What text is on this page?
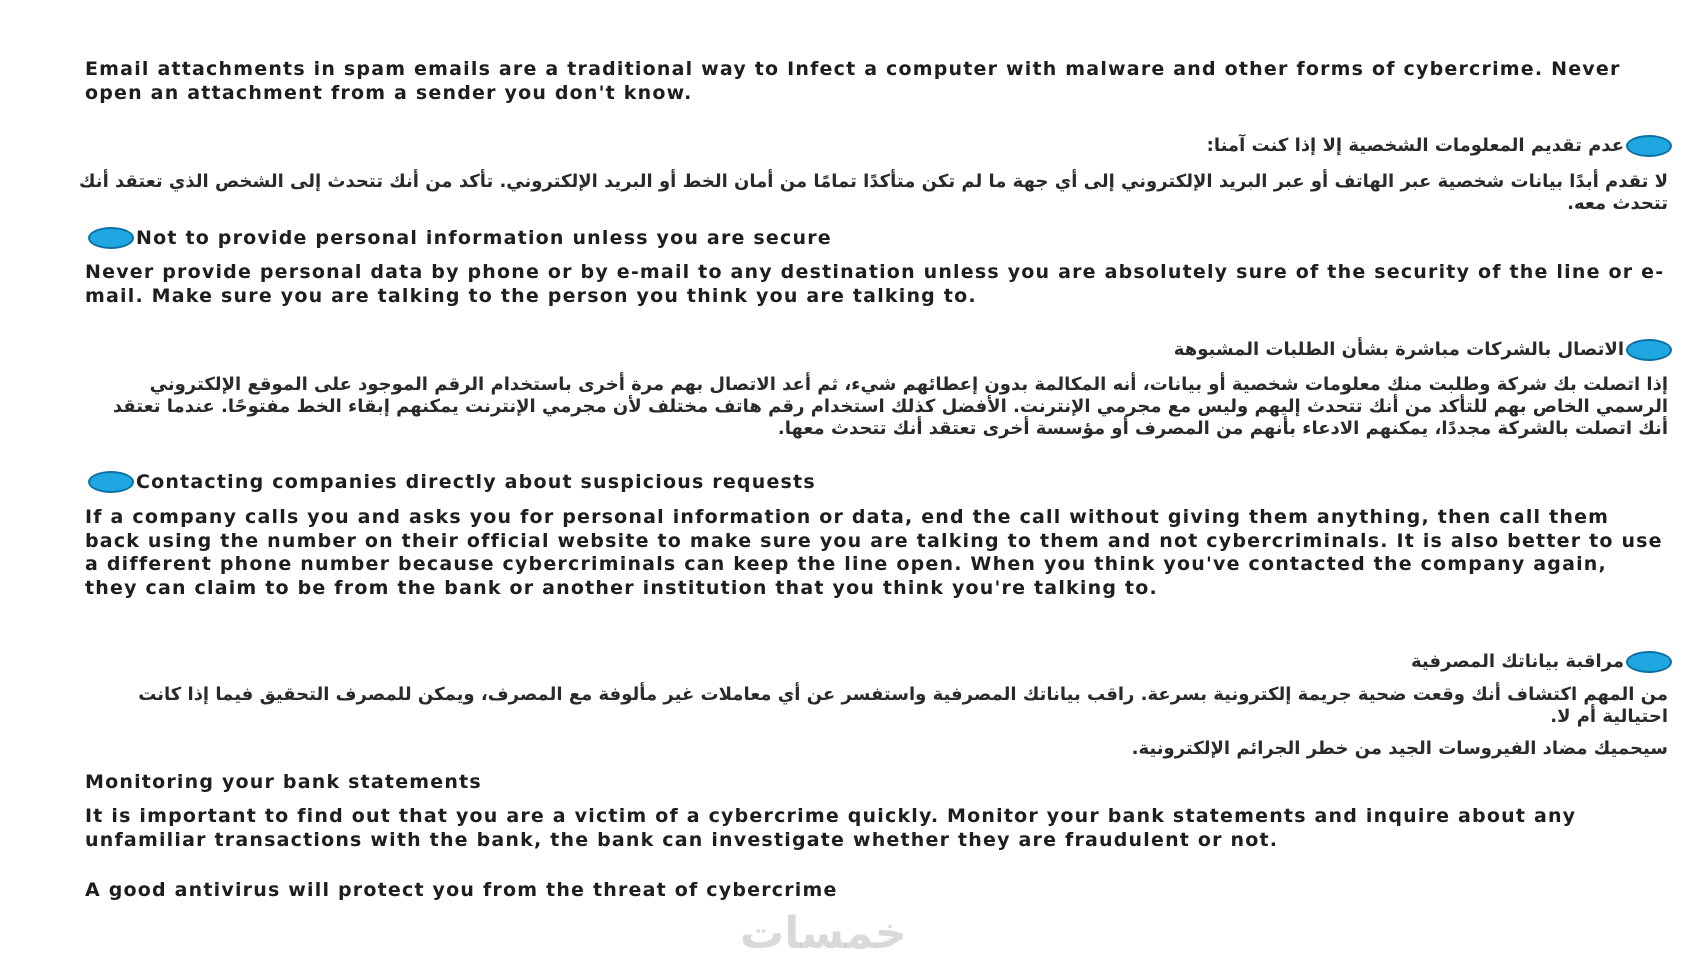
Email attachments in spam emails are a traditional way to Infect a computer with malware and other forms of cybercrime. Never open an attachment from a sender you don't know.
عدم تقديم المعلومات الشخصية إلا إذا كنت آمنا:
لا تقدم أبدًا بيانات شخصية عبر الهاتف أو عبر البريد الإلكتروني إلى أي جهة ما لم تكن متأكدًا تمامًا من أمان الخط أو البريد الإلكتروني. تأكد من أنك تتحدث إلى الشخص الذي تعتقد أنك تتحدث معه.
Not to provide personal information unless you are secure
Never provide personal data by phone or by e-mail to any destination unless you are absolutely sure of the security of the line or e-mail. Make sure you are talking to the person you think you are talking to.
الاتصال بالشركات مباشرة بشأن الطلبات المشبوهة
إذا اتصلت بك شركة وطلبت منك معلومات شخصية أو بيانات، أنه المكالمة بدون إعطائهم شيء، ثم أعد الاتصال بهم مرة أخرى باستخدام الرقم الموجود على الموقع الإلكتروني الرسمي الخاص بهم للتأكد من أنك تتحدث إليهم وليس مع مجرمي الإنترنت. الأفضل كذلك استخدام رقم هاتف مختلف لأن مجرمي الإنترنت يمكنهم إبقاء الخط مفتوحًا. عندما تعتقد أنك اتصلت بالشركة مجددًا، يمكنهم الادعاء بأنهم من المصرف أو مؤسسة أخرى تعتقد أنك تتحدث معها.
Contacting companies directly about suspicious requests
If a company calls you and asks you for personal information or data, end the call without giving them anything, then call them back using the number on their official website to make sure you are talking to them and not cybercriminals. It is also better to use a different phone number because cybercriminals can keep the line open. When you think you've contacted the company again, they can claim to be from the bank or another institution that you think you're talking to.
مراقبة بياناتك المصرفية
من المهم اكتشاف أنك وقعت ضحية جريمة إلكترونية بسرعة. راقب بياناتك المصرفية واستفسر عن أي معاملات غير مألوفة مع المصرف، ويمكن للمصرف التحقيق فيما إذا كانت احتيالية أم لا.
سيحميك مضاد الفيروسات الجيد من خطر الجرائم الإلكترونية.
Monitoring your bank statements
It is important to find out that you are a victim of a cybercrime quickly. Monitor your bank statements and inquire about any unfamiliar transactions with the bank, the bank can investigate whether they are fraudulent or not.
A good antivirus will protect you from the threat of cybercrime
خمسات
